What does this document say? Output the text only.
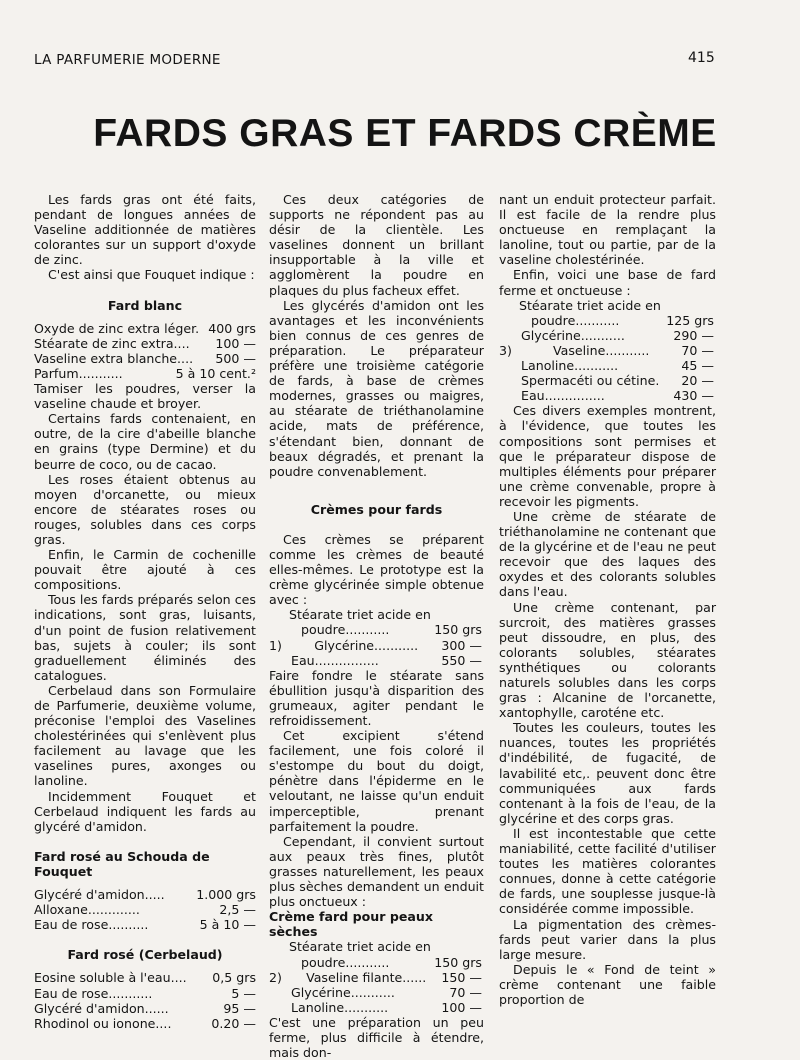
LA PARFUMERIE MODERNE	415
FARDS GRAS ET FARDS CRÈME

Les fards gras ont été faits, pendant de longues années de Vaseline additionnée de matières colorantes sur un support d'oxyde de zinc.

C'est ainsi que Fouquet indique :

Fard blanc
Oxyde de zinc extra léger. 400 grs
Stéarate de zinc extra.... 100 —
Vaseline extra blanche.... 500 —
Parfum...........	5 à 10 cent.²

Tamiser les poudres, verser la vaseline chaude et broyer.

Certains fards contenaient, en outre, de la cire d'abeille blanche en grains (type Dermine) et du beurre de coco, ou de cacao.

Les roses étaient obtenus au moyen d'orcanette, ou mieux encore de stéarates roses ou rouges, solubles dans ces corps gras.

Enfin, le Carmin de cochenille pouvait être ajouté à ces compositions.

Tous les fards préparés selon ces indications, sont gras, luisants, d'un point de fusion relativement bas, sujets à couler; ils sont graduellement éliminés des catalogues.

Cerbelaud dans son Formulaire de Parfumerie, deuxième volume, préconise l'emploi des Vaselines cholestérinées qui s'enlèvent plus facilement au lavage que les vaselines pures, axonges ou lanoline.

Incidemment Fouquet et Cerbelaud indiquent les fards au glycéré d'amidon.

Fard rosé au Schouda de Fouquet
Glycéré d'amidon.....	1.000 grs
Alloxane.............	2,5 —
Eau de rose..........	5 à 10 —
Fard rosé (Cerbelaud)
Eosine soluble à l'eau.... 0,5 grs
Eau de rose...........	5 —
Glycéré d'amidon......	95 —
Rhodinol ou ionone....	0.20 —

Ces deux catégories de supports ne répondent pas au désir de la clientèle. Les vaselines donnent un brillant insupportable à la ville et agglomèrent la poudre en plaques du plus facheux effet.

Les glycérés d'amidon ont les avantages et les inconvénients bien connus de ces genres de préparation. Le préparateur préfère une troisième catégorie de fards, à base de crèmes modernes, grasses ou maigres, au stéarate de triéthanolamine acide, mats de préférence, s'étendant bien, donnant de beaux dégradés, et prenant la poudre convenablement.

Crèmes pour fards

Ces crèmes se préparent comme les crèmes de beauté elles-mêmes. Le prototype est la crème glycérinée simple obtenue avec :

Stéarate triet acide en
poudre...........	150 grs
1)	Glycérine........... 300 —
Eau................	550 —

Faire fondre le stéarate sans ébullition jusqu'à disparition des grumeaux, agiter pendant le refroidissement.

Cet excipient s'étend facilement, une fois coloré il s'estompe du bout du doigt, pénètre dans l'épiderme en le veloutant, ne laisse qu'un enduit imperceptible, prenant parfaitement la poudre.

Cependant, il convient surtout aux peaux très fines, plutôt grasses naturellement, les peaux plus sèches demandent un enduit plus onctueux :

Crème fard pour peaux sèches
Stéarate triet acide en
poudre...........	150 grs
2)	Vaseline filante...... 150 —
Glycérine...........	70 —
Lanoline...........	100 —

C'est une préparation un peu ferme, plus difficile à étendre, mais don-

nant un enduit protecteur parfait. Il est facile de la rendre plus onctueuse en remplaçant la lanoline, tout ou partie, par de la vaseline cholestérinée.

Enfin, voici une base de fard ferme et onctueuse :

Stéarate triet acide en
poudre...........	125 grs
Glycérine...........	290 —
3)	Vaseline...........	70 —
Lanoline...........	45 —
Spermacéti ou cétine. 20 —
Eau...............	430 —

Ces divers exemples montrent, à l'évidence, que toutes les compositions sont permises et que le préparateur dispose de multiples éléments pour préparer une crème convenable, propre à recevoir les pigments.

Une crème de stéarate de triéthanolamine ne contenant que de la glycérine et de l'eau ne peut recevoir que des laques des oxydes et des colorants solubles dans l'eau.

Une crème contenant, par surcroit, des matières grasses peut dissoudre, en plus, des colorants solubles, stéarates synthétiques ou colorants naturels solubles dans les corps gras : Alcanine de l'orcanette, xantophylle, caroténe etc.

Toutes les couleurs, toutes les nuances, toutes les propriétés d'indébilité, de fugacité, de lavabilité etc,. peuvent donc être communiquées aux fards contenant à la fois de l'eau, de la glycérine et des corps gras.

Il est incontestable que cette maniabilité, cette facilité d'utiliser toutes les matières colorantes connues, donne à cette catégorie de fards, une souplesse jusque-là considérée comme impossible.

La pigmentation des crèmes-fards peut varier dans la plus large mesure.

Depuis le « Fond de teint » crème contenant une faible proportion de
